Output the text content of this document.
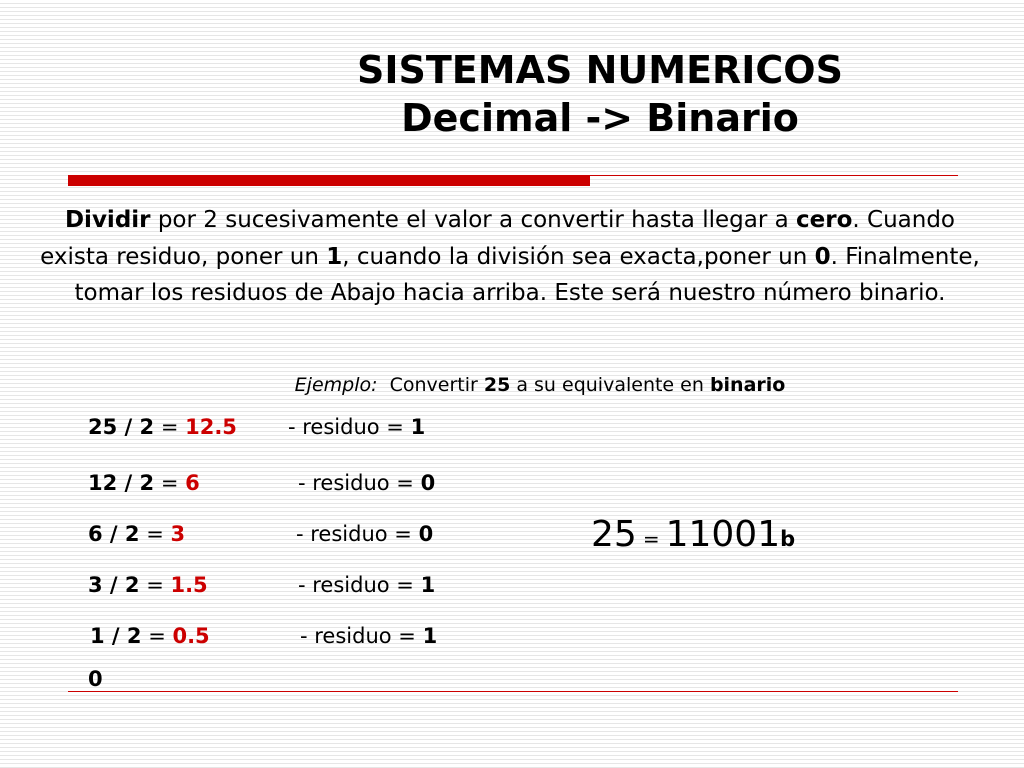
SISTEMAS NUMERICOS
Decimal -> Binario
Dividir por 2 sucesivamente el valor a convertir hasta llegar a cero. Cuando exista residuo, poner un 1, cuando la división sea exacta,poner un 0. Finalmente, tomar los residuos de Abajo hacia arriba. Este será nuestro número binario.
Ejemplo:  Convertir 25 a su equivalente en binario
25 / 2 = 12.5 - residuo = 1
12 / 2 = 6	- residuo = 0
6 / 2 = 3	- residuo = 0
3 / 2 = 1.5	- residuo = 1
1 / 2 = 0.5	- residuo = 1
0
25 = 11001b
